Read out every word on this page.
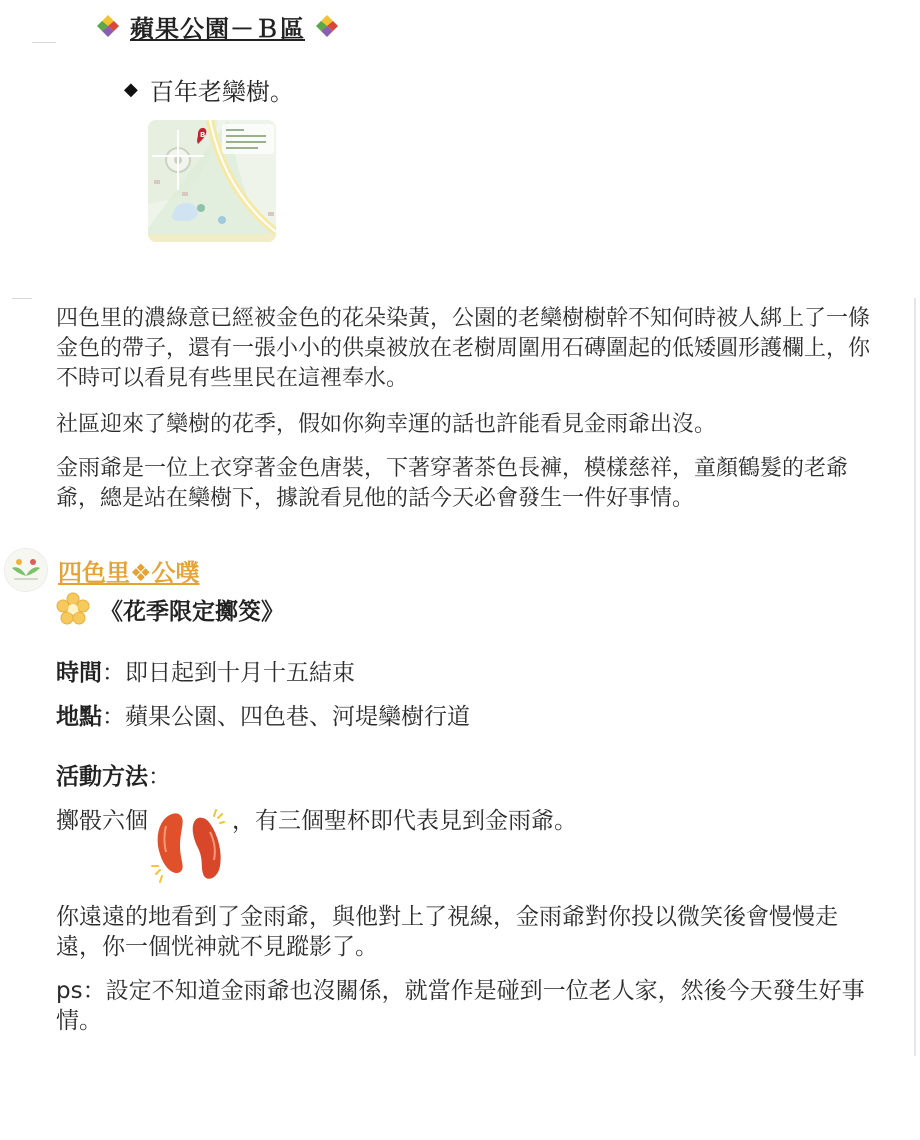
蘋果公園－Ｂ區
◆ 百年老欒樹。
B

四色里的濃綠意已經被金色的花朵染黃，公園的老欒樹樹幹不知何時被人綁上了一條金色的帶子，還有一張小小的供桌被放在老樹周圍用石磚圍起的低矮圓形護欄上，你不時可以看見有些里民在這裡奉水。

社區迎來了欒樹的花季，假如你夠幸運的話也許能看見金雨爺出沒。

金雨爺是一位上衣穿著金色唐裝，下著穿著茶色長褲，模樣慈祥，童顏鶴髮的老爺爺，總是站在欒樹下，據說看見他的話今天必會發生一件好事情。

四色里❖公噗
《花季限定擲筊》
時間：即日起到十月十五結束
地點：蘋果公園、四色巷、河堤欒樹行道
活動方法：
擲骰六個	，有三個聖杯即代表見到金雨爺。

你遠遠的地看到了金雨爺，與他對上了視線，金雨爺對你投以微笑後會慢慢走遠，你一個恍神就不見蹤影了。

ps：設定不知道金雨爺也沒關係，就當作是碰到一位老人家，然後今天發生好事情。
